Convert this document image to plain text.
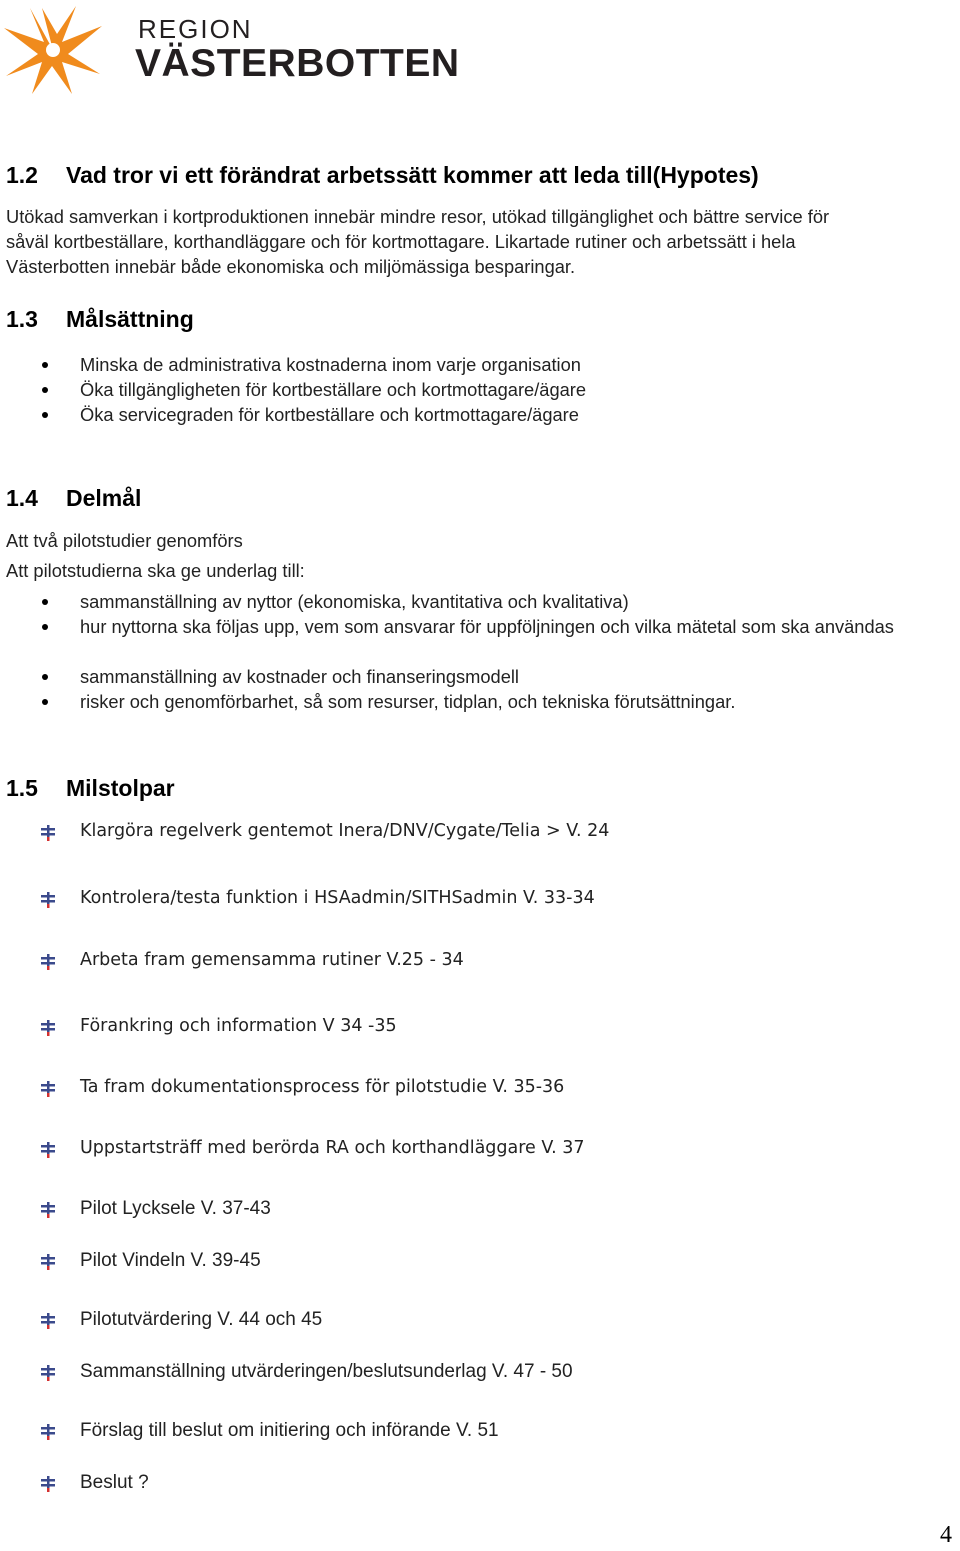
REGION
VÄSTERBOTTEN
1.2 Vad tror vi ett förändrat arbetssätt kommer att leda till(Hypotes)
Utökad samverkan i kortproduktionen innebär mindre resor, utökad tillgänglighet och bättre service för
såväl kortbeställare, korthandläggare och för kortmottagare. Likartade rutiner och arbetssätt i hela
Västerbotten innebär både ekonomiska och miljömässiga besparingar.
1.3 Målsättning
Minska de administrativa kostnaderna inom varje organisation
Öka tillgängligheten för kortbeställare och kortmottagare/ägare
Öka servicegraden för kortbeställare och kortmottagare/ägare
1.4 Delmål
Att två pilotstudier genomförs
Att pilotstudierna ska ge underlag till:
sammanställning av nyttor (ekonomiska, kvantitativa och kvalitativa)
hur nyttorna ska följas upp, vem som ansvarar för uppföljningen och vilka mätetal som ska användas
sammanställning av kostnader och finanseringsmodell
risker och genomförbarhet, så som resurser, tidplan, och tekniska förutsättningar.
1.5 Milstolpar
Klargöra regelverk gentemot Inera/DNV/Cygate/Telia > V. 24
Kontrolera/testa funktion i HSAadmin/SITHSadmin V. 33-34
Arbeta fram gemensamma rutiner V.25 - 34
Förankring och information V 34 -35
Ta fram dokumentationsprocess för pilotstudie V. 35-36
Uppstartsträff med berörda RA och korthandläggare V. 37
Pilot Lycksele V. 37-43
Pilot Vindeln V. 39-45
Pilotutvärdering V. 44 och 45
Sammanställning utvärderingen/beslutsunderlag V. 47 - 50
Förslag till beslut om initiering och införande V. 51
Beslut ?
4
